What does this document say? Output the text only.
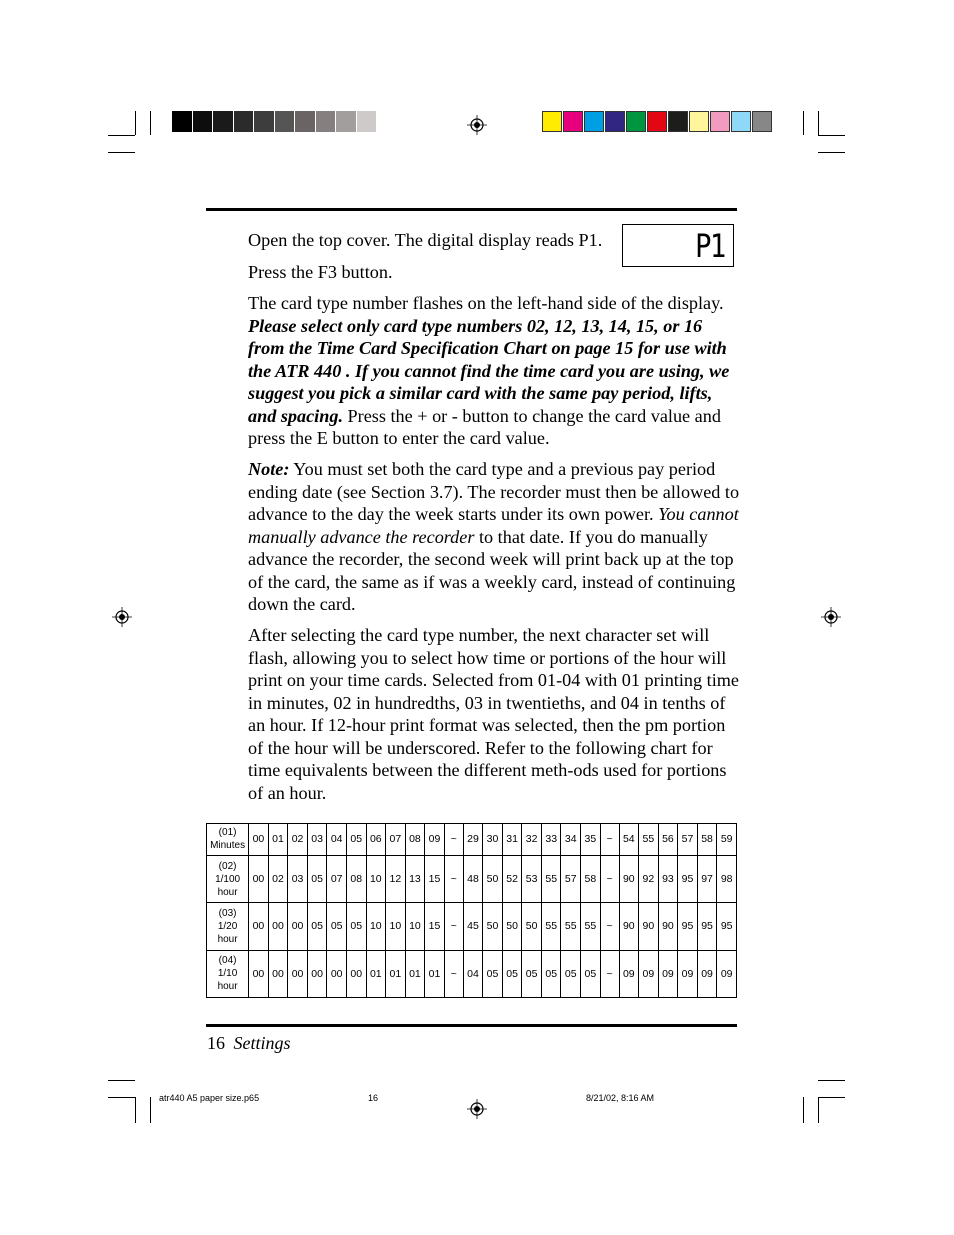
P1
Open the top cover. The digital display reads P1.
Press the F3 button.
The card type number flashes on the left-hand side of the display. Please select only card type numbers 02, 12, 13, 14, 15, or 16 from the Time Card Specification Chart on page 15 for use with the ATR 440 . If you cannot find the time card you are using, we suggest you pick a similar card with the same pay period, lifts, and spacing. Press the + or - button to change the card value and press the E button to enter the card value.
Note: You must set both the card type and a previous pay period ending date (see Section 3.7). The recorder must then be allowed to advance to the day the week starts under its own power. You cannot manually advance the recorder to that date. If you do manually advance the recorder, the second week will print back up at the top of the card, the same as if was a weekly card, instead of continuing down the card.
After selecting the card type number, the next character set will flash, allowing you to select how time or portions of the hour will print on your time cards. Selected from 01-04 with 01 printing time in minutes, 02 in hundredths, 03 in twentieths, and 04 in tenths of an hour. If 12-hour print format was selected, then the pm portion of the hour will be underscored. Refer to the following chart for time equivalents between the different meth-ods used for portions of an hour.
(01)
Minutes	00	01	02	03	04	05	06	07	08	09	~	29	30	31	32	33	34	35	~	54	55	56	57	58	59

(02)
1/100
hour	00	02	03	05	07	08	10	12	13	15	~	48	50	52	53	55	57	58	~	90	92	93	95	97	98

(03)
1/20
hour	00	00	00	05	05	05	10	10	10	15	~	45	50	50	50	55	55	55	~	90	90	90	95	95	95

(04)
1/10
hour	00	00	00	00	00	00	01	01	01	01	~	04	05	05	05	05	05	05	~	09	09	09	09	09	09
16 Settings
atr440 A5 paper size.p65	16	8/21/02, 8:16 AM
